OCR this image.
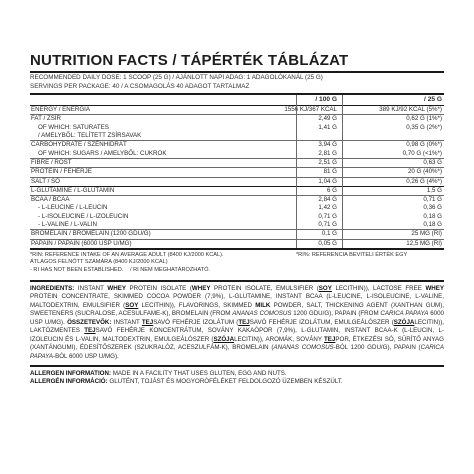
NUTRITION FACTS / TÁPÉRTÉK TÁBLÁZAT
RECOMMENDED DAILY DOSE: 1 SCOOP (25 G) / AJÁNLOTT NAPI ADAG: 1 ADAGOLÓKANÁL (25 G)
SERVINGS PER PACKAGE: 40 / A CSOMAGOLÁS 40 ADAGOT TARTALMAZ
/ 100 G	/ 25 G
ENERGY / ENERGIA	1556 KJ/367 KCAL	389 KJ/92 KCAL (5%*)
FAT / ZSÍR	2,49 G	0,62 G (1%*)
OF WHICH: SATURATES	1,41 G	0,35 G (2%*)
/ AMELYBŐL: TELÍTETT ZSÍRSAVAK
CARBOHYDRATE / SZÉNHIDRÁT	3,94 G	0,98 G (0%*)
OF WHICH: SUGARS / AMELYBŐL: CUKROK	2,81 G	0,70 G (<1%*)
FIBRE / ROST	2,51 G	0,63 G
PROTEIN / FEHÉRJE	81 G	20 G (40%*)
SALT / SÓ	1,04 G	0,26 G (4%*)
L-GLUTAMINE / L-GLUTAMIN	6 G	1,5 G
BCAA / BCAA	2,84 G	0,71 G
- L-LEUCINE / L-LEUCIN	1,42 G	0,36 G
- L-ISOLEUCINE / L-IZOLEUCIN	0,71 G	0,18 G
- L-VALINE / L-VALIN	0,71 G	0,18 G
BROMELAIN / BROMELAIN (1200 GDU/G)	0,1 G	25 MG (RI)
PAPAIN / PAPAIN (6000 USP U/MG)	0,05 G	12,5 MG (RI)
*RIN: REFERENCE INTAKE OF AN AVERAGE ADULT (8400 KJ/2000 KCAL).	*RI%: REFERENCIA BEVITELI ÉRTÉK EGY
ÁTLAGOS FELNŐTT SZÁMÁRA (8400 KJ/2000 KCAL)
- RI HAS NOT BEEN ESTABLISHED. / RI NEM MEGHATÁROZHATÓ.
INGREDIENTS: INSTANT WHEY PROTEIN ISOLATE (WHEY PROTEIN ISOLATE, EMULSIFIER (SOY LECITHIN)), LACTOSE FREE WHEY PROTEIN CONCENTRATE, SKIMMED COCOA POWDER (7,9%), L-GLUTAMINE, INSTANT BCAA (L-LEUCINE, L-ISOLEUCINE, L-VALINE, MALTODEXTRIN, EMULSIFIER (SOY LECITHIN)), FLAVORINGS, SKIMMED MILK POWDER, SALT, THICKENING AGENT (XANTHAN GUM), SWEETENERS (SUCRALOSE, ACESULFAME-K), BROMELAIN (FROM ANANAS COMOSUS 1200 GDU/G), PAPAIN (FROM CARICA PAPAYA 6000 USP U/MG). ÖSSZETEVŐK: INSTANT TEJSAVÓ FEHÉRJE IZOLÁTUM (TEJSAVÓ FEHÉRJE IZOLÁTUM, EMULGEÁLÓSZER (SZÓJALECITIN)), LAKTÓZMENTES TEJSAVÓ FEHÉRJE KONCENTRÁTUM, SOVÁNY KAKAÓPOR (7,9%), L-GLUTAMIN, INSTANT BCAA-K (L-LEUCIN, L-IZOLEUCIN ÉS L-VALIN, MALTODEXTRIN, EMULGEÁLÓSZER (SZÓJALECITIN)), AROMÁK, SOVÁNY TEJPOR, ÉTKEZÉSI SÓ, SŰRÍTŐ ANYAG (XANTÁNGUMI), ÉDESÍTŐSZEREK (SZUKRALÓZ, ACESZULFÁM-K), BROMELAIN (ANANAS COMOSUS-BÓL 1200 GDU/G), PAPAIN (CARICA PAPAYA-BÓL 6000 USP U/MG).
ALLERGEN INFORMATION: MADE IN A FACILITY THAT USES GLUTEN, EGG AND NUTS.
ALLERGÉN INFORMÁCIÓ: GLUTÉNT, TOJÁST ÉS MOGYORÓFÉLÉKET FELDOLGOZÓ ÜZEMBEN KÉSZÜLT.
